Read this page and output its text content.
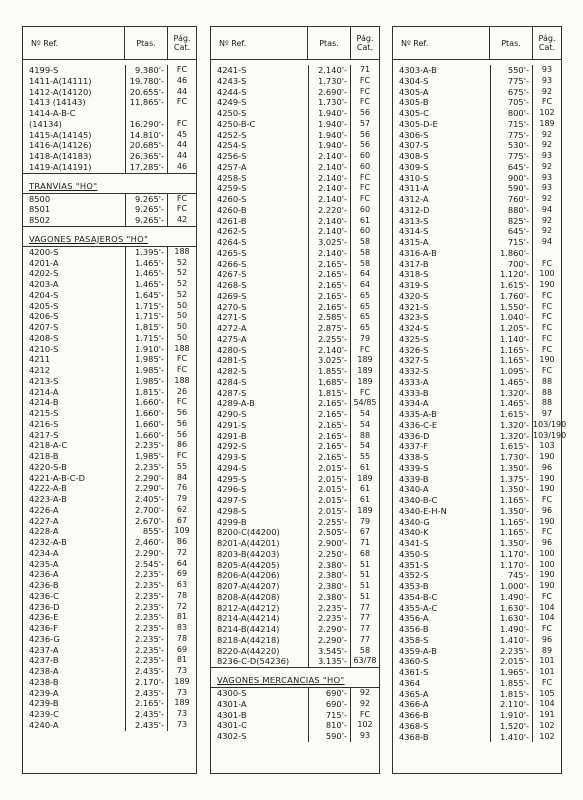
Nº Ref.	Ptas.	Pág. Cat.
4199-S	9.380'-	FC
1411-A(14111)	19.780'-	46
1412-A(14120)	20.655'-	44
1413 (14143)	11.865'-	FC
1414-A-B-C
(14134)	16.290'-	FC
1415-A(14145)	14.810'-	45
1416-A(14126)	20.685'-	44
1418-A(14183)	26.365'-	44
1419-A(14191)	17.285'-	46
TRANVIAS "HO"
8500	9.265'-	FC
8501	9.265'-	FC
8502	9.265'-	42
VAGONES PASAJEROS "HO"
4200-S	1.395'-	188
4201-A	1.465'-	52
4202-S	1.465'-	52
4203-A	1.465'-	52
4204-S	1.645'-	52
4205-S	1.715'-	50
4206-S	1.715'-	50
4207-S	1.815'-	50
4208-S	1.715'-	50
4210-S	1.910'-	188
4211	1.985'-	FC
4212	1.985'-	FC
4213-S	1.985'-	188
4214-A	1.815'-	26
4214-B	1.660'-	FC
4215-S	1.660'-	56
4216-S	1.660'-	56
4217-S	1.660'-	56
4218-A-C	2.235'-	86
4218-B	1.985'-	FC
4220-S-B	2.235'-	55
4221-A-B-C-D	2.290'-	84
4222-A-B	2.290'-	76
4223-A-B	2.405'-	79
4226-A	2.700'-	62
4227-A	2.670'-	67
4228-A	855'-	109
4232-A-B	2.460'-	86
4234-A	2.290'-	72
4235-A	2.545'-	64
4236-A	2.235'-	69
4236-B	2.235'-	63
4236-C	2.235'-	78
4236-D	2.235'-	72
4236-E	2.235'-	81
4236-F	2.235'-	83
4236-G	2.235'-	78
4237-A	2.235'-	69
4237-B	2.235'-	81
4238-A	2.435'-	73
4238-B	2.170'-	189
4239-A	2.435'-	73
4239-B	2.165'-	189
4239-C	2.435'-	73
4240-A	2.435'-	73
Nº Ref.	Ptas.	Pág. Cat.
4241-S	2.140'-	71
4243-S	1.730'-	FC
4244-S	2.690'-	FC
4249-S	1.730'-	FC
4250-S	1.940'-	56
4250-B-C	1.940'-	57
4252-S	1.940'-	56
4254-S	1.940'-	56
4256-S	2.140'-	60
4257-A	2.140'-	60
4258-S	2.140'-	FC
4259-S	2.140'-	FC
4260-S	2.140'-	FC
4260-B	2.220'-	60
4261-B	2.140'-	61
4262-S	2.140'-	60
4264-S	3.025'-	58
4265-S	2.140'-	58
4266-S	2.165'-	58
4267-S	2.165'-	64
4268-S	2.165'-	64
4269-S	2.165'-	65
4270-S	2.165'-	65
4271-S	2.585'-	65
4272-A	2.875'-	65
4275-A	2.255'-	79
4280-S	2.140'-	FC
4281-S	3.025'-	189
4282-S	1.855'-	189
4284-S	1.685'-	189
4287-S	1.815'-	FC
4289-A-B	2.165'- 54/85
4290-S	2.165'-	54
4291-S	2.165'-	54
4291-B	2.165'-	88
4292-S	2.165'-	54
4293-S	2.165'-	55
4294-S	2.015'-	61
4295-S	2.015'-	189
4296-S	2.015'-	61
4297-S	2.015'-	61
4298-S	2.015'-	189
4299-B	2.255'-	79
8200-C(44200)	2.505'-	67
8201-A(44201)	2.900'-	71
8203-B(44203)	2.250'-	68
8205-A(44205)	2.380'-	51
8206-A(44206)	2.380'-	51
8207-A(44207)	2.380'-	51
8208-A(44208)	2.380'-	51
8212-A(44212)	2.235'-	77
8214-A(44214)	2.235'-	77
8214-B(44214)	2.290'-	77
8218-A(44218)	2.290'-	77
8220-A(44220)	3.545'-	58
8236-C-D(54236)	3.135'- 63/78
VAGONES MERCANCIAS "HO"
4300-S	690'-	92
4301-A	690'-	92
4301-B	715'-	FC
4301-C	810'-	102
4302-S	590'-	93
Nº Ref.	Ptas.	Pág. Cat.
4303-A-B	550'-	93
4304-S	775'-	93
4305-A	675'-	92
4305-B	705'-	FC
4305-C	800'-	102
4305-D-E	715'-	189
4306-S	775'-	92
4307-S	530'-	92
4308-S	775'-	93
4309-S	645'-	92
4310-S	900'-	93
4311-A	590'-	93
4312-A	760'-	92
4312-D	880'-	94
4313-S	825'-	92
4314-S	645'-	92
4315-A	715'-	94
4316-A-B	1.860'-
4317-B	700'-	FC
4318-S	1.120'-	100
4319-S	1.615'-	190
4320-S	1.760'-	FC
4321-S	1.550'-	FC
4323-S	1.040'-	FC
4324-S	1.205'-	FC
4325-S	1.140'-	FC
4326-S	1.165'-	FC
4327-S	1.165'-	190
4332-S	1.095'-	FC
4333-A	1.465'-	88
4333-B	1.320'-	88
4334-A	1.465'-	88
4335-A-B	1.615'-	97
4336-C-E	1.320'- 103/190
4336-D	1.320'- 103/190
4337-F	1.615'-	103
4338-S	1.730'-	190
4339-S	1.350'-	96
4339-B	1.375'-	190
4340-A	1.350'-	190
4340-B-C	1.165'-	FC
4340-E-H-N	1.350'-	96
4340-G	1.165'-	190
4340-K	1.165'-	FC
4341-S	1.350'-	96
4350-S	1.170'-	100
4351-S	1.170'-	100
4352-S	745'-	190
4353-B	1.000'-	190
4354-B-C	1.490'-	FC
4355-A-C	1.630'-	104
4356-A	1.630'-	104
4356-B	1.490'-	FC
4358-S	1.410'-	96
4359-A-B	2.235'-	89
4360-S	2.015'-	101
4361-S	1.965'-	101
4364	1.855'-	FC
4365-A	1.815'-	105
4366-A	2.110'-	104
4366-B	1.910'-	191
4368-S	1.520'-	102
4368-B	1.410'-	102
